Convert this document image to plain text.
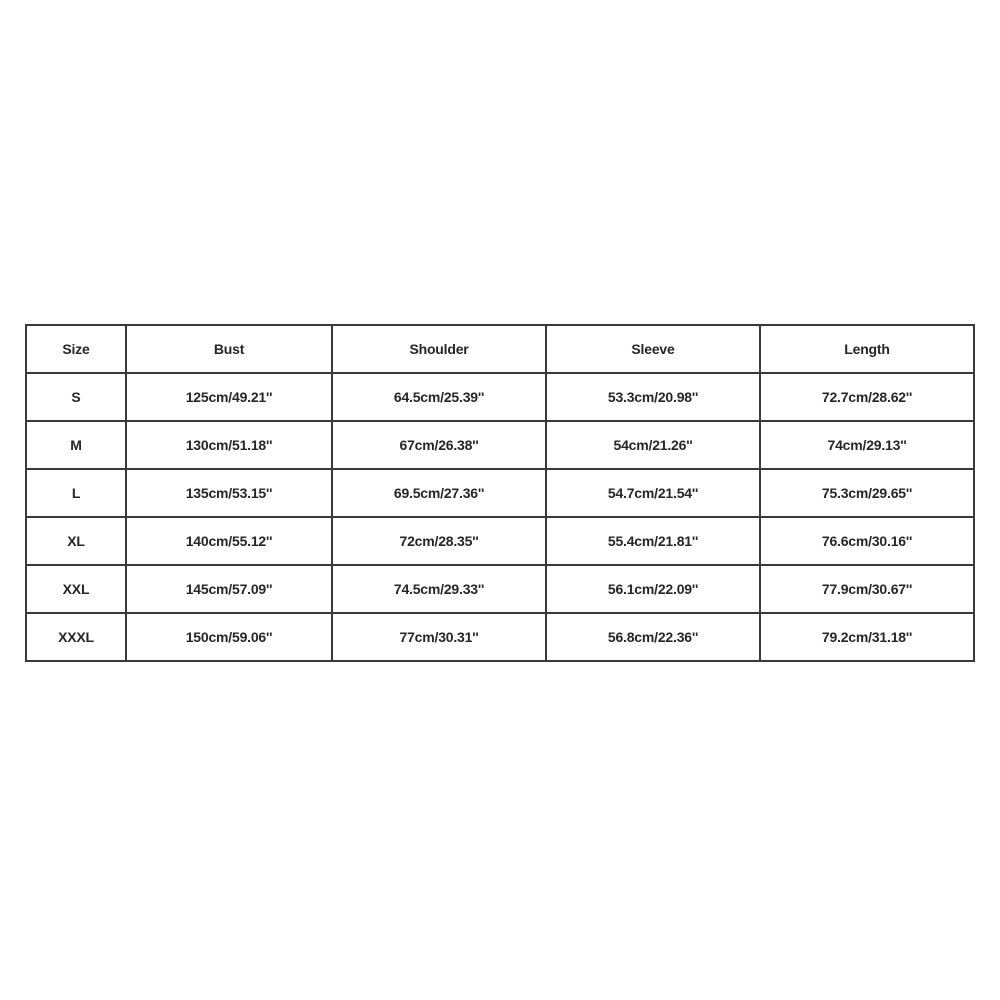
Size	Bust	Shoulder	Sleeve	Length
S	125cm/49.21''	64.5cm/25.39''	53.3cm/20.98''	72.7cm/28.62''
M	130cm/51.18''	67cm/26.38''	54cm/21.26''	74cm/29.13''
L	135cm/53.15''	69.5cm/27.36''	54.7cm/21.54''	75.3cm/29.65''
XL	140cm/55.12''	72cm/28.35''	55.4cm/21.81''	76.6cm/30.16''
XXL	145cm/57.09''	74.5cm/29.33''	56.1cm/22.09''	77.9cm/30.67''
XXXL	150cm/59.06''	77cm/30.31''	56.8cm/22.36''	79.2cm/31.18''
